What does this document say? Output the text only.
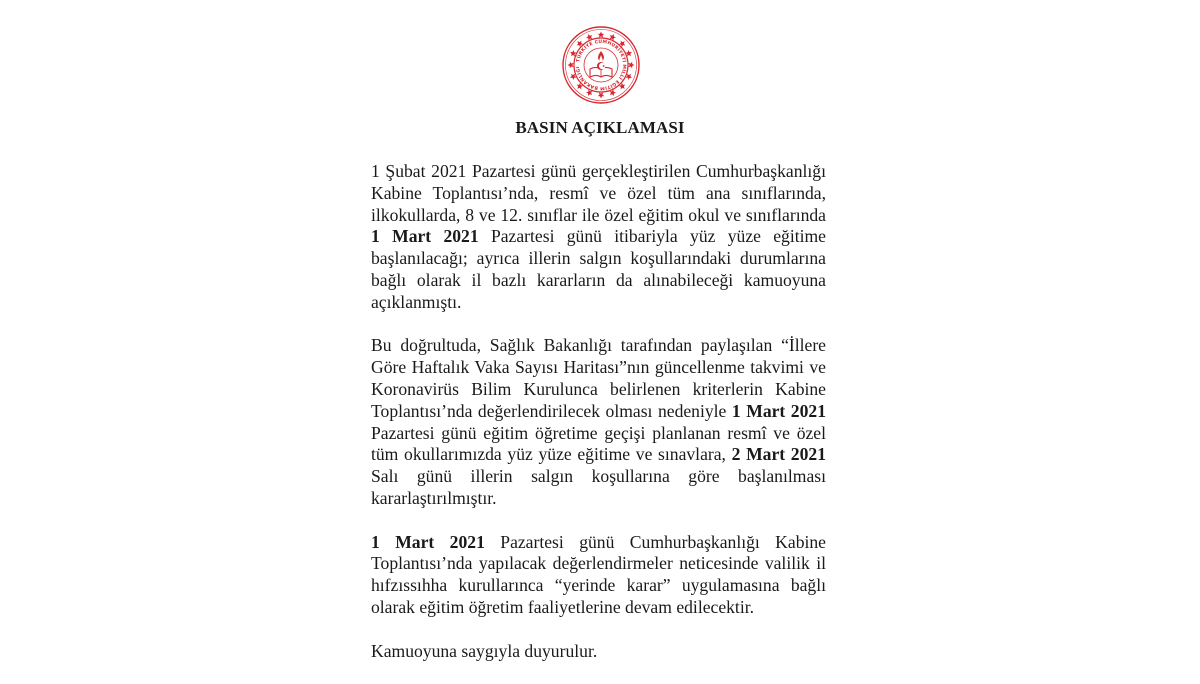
TÜRKİYE CUMHURİYETİ MİLLÎ EĞİTİM BAKANLIĞI
BASIN AÇIKLAMASI
1 Şubat 2021 Pazartesi günü gerçekleştirilen Cumhurbaşkanlığı
Kabine Toplantısı’nda, resmî ve özel tüm ana sınıflarında,
ilkokullarda, 8 ve 12. sınıflar ile özel eğitim okul ve sınıflarında
1 Mart 2021 Pazartesi günü itibariyla yüz yüze eğitime
başlanılacağı; ayrıca illerin salgın koşullarındaki durumlarına
bağlı olarak il bazlı kararların da alınabileceği kamuoyuna
açıklanmıştı.
Bu doğrultuda, Sağlık Bakanlığı tarafından paylaşılan “İllere
Göre Haftalık Vaka Sayısı Haritası”nın güncellenme takvimi ve
Koronavirüs Bilim Kurulunca belirlenen kriterlerin Kabine
Toplantısı’nda değerlendirilecek olması nedeniyle 1 Mart 2021
Pazartesi günü eğitim öğretime geçişi planlanan resmî ve özel
tüm okullarımızda yüz yüze eğitime ve sınavlara, 2 Mart 2021
Salı günü illerin salgın koşullarına göre başlanılması
kararlaştırılmıştır.
1 Mart 2021 Pazartesi günü Cumhurbaşkanlığı Kabine
Toplantısı’nda yapılacak değerlendirmeler neticesinde valilik il
hıfzıssıhha kurullarınca “yerinde karar” uygulamasına bağlı
olarak eğitim öğretim faaliyetlerine devam edilecektir.
Kamuoyuna saygıyla duyurulur.
